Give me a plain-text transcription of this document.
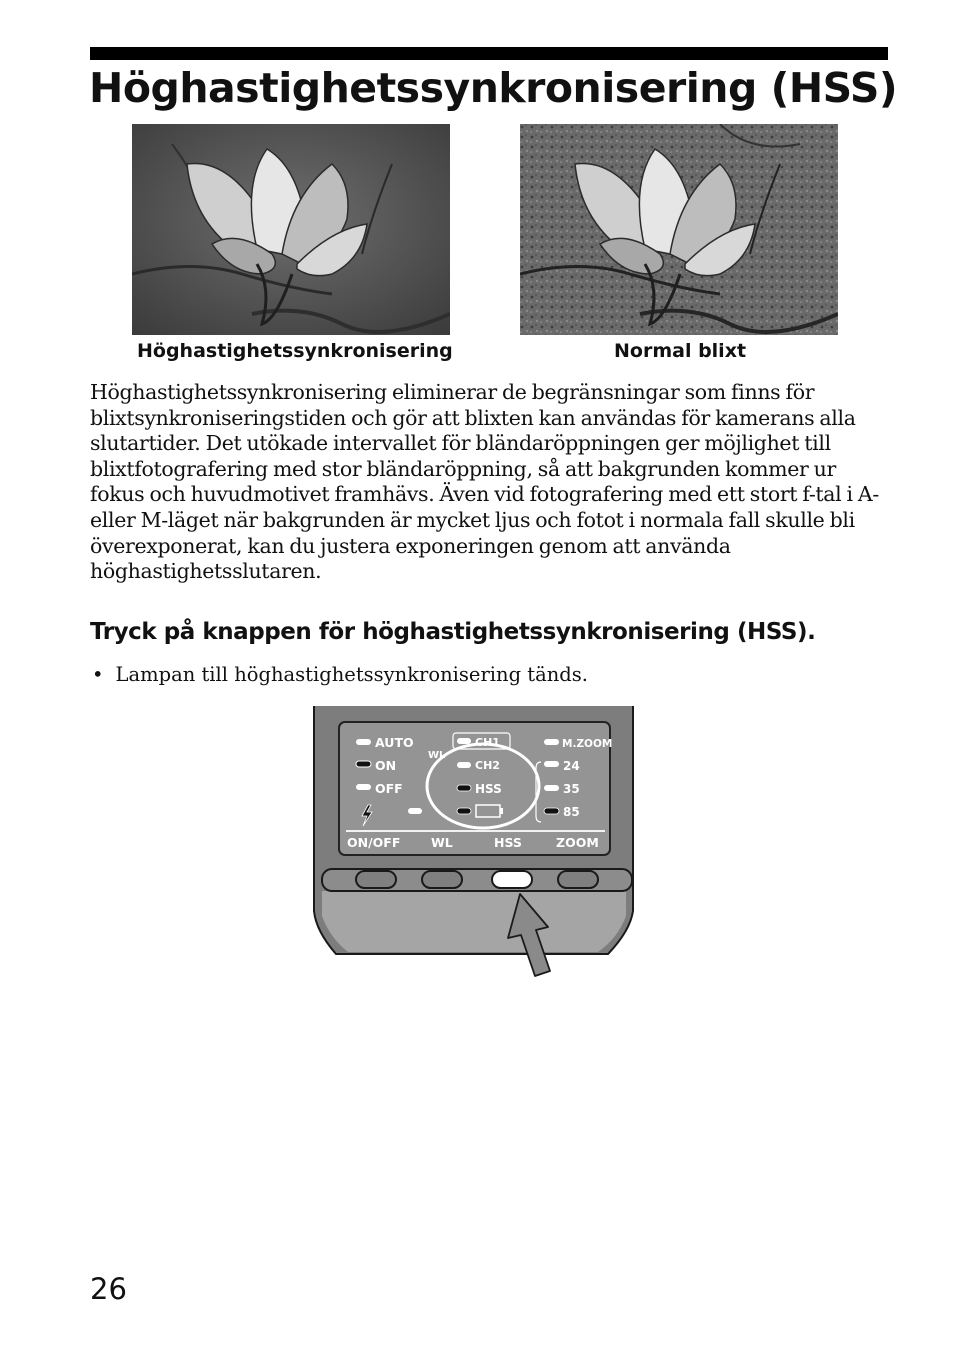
Höghastighetssynkronisering (HSS)
Höghastighetssynkronisering	Normal blixt

Höghastighetssynkronisering eliminerar de begränsningar som finns för blixtsynkroniseringstiden och gör att blixten kan användas för kamerans alla slutartider. Det utökade intervallet för bländaröppningen ger möjlighet till blixtfotografering med stor bländaröppning, så att bakgrunden kommer ur fokus och huvudmotivet framhävs. Även vid fotografering med ett stort f-tal i A- eller M-läget när bakgrunden är mycket ljus och fotot i normala fall skulle bli överexponerat, kan du justera exponeringen genom att använda höghastighetsslutaren.

Tryck på knappen för höghastighetssynkronisering (HSS).

• Lampan till höghastighetssynkronisering tänds.

AUTO
ON
OFF
WL
CH1
CH2
HSS
M.ZOOM
24
35
85
ON/OFF WL	HSS	ZOOM
26
